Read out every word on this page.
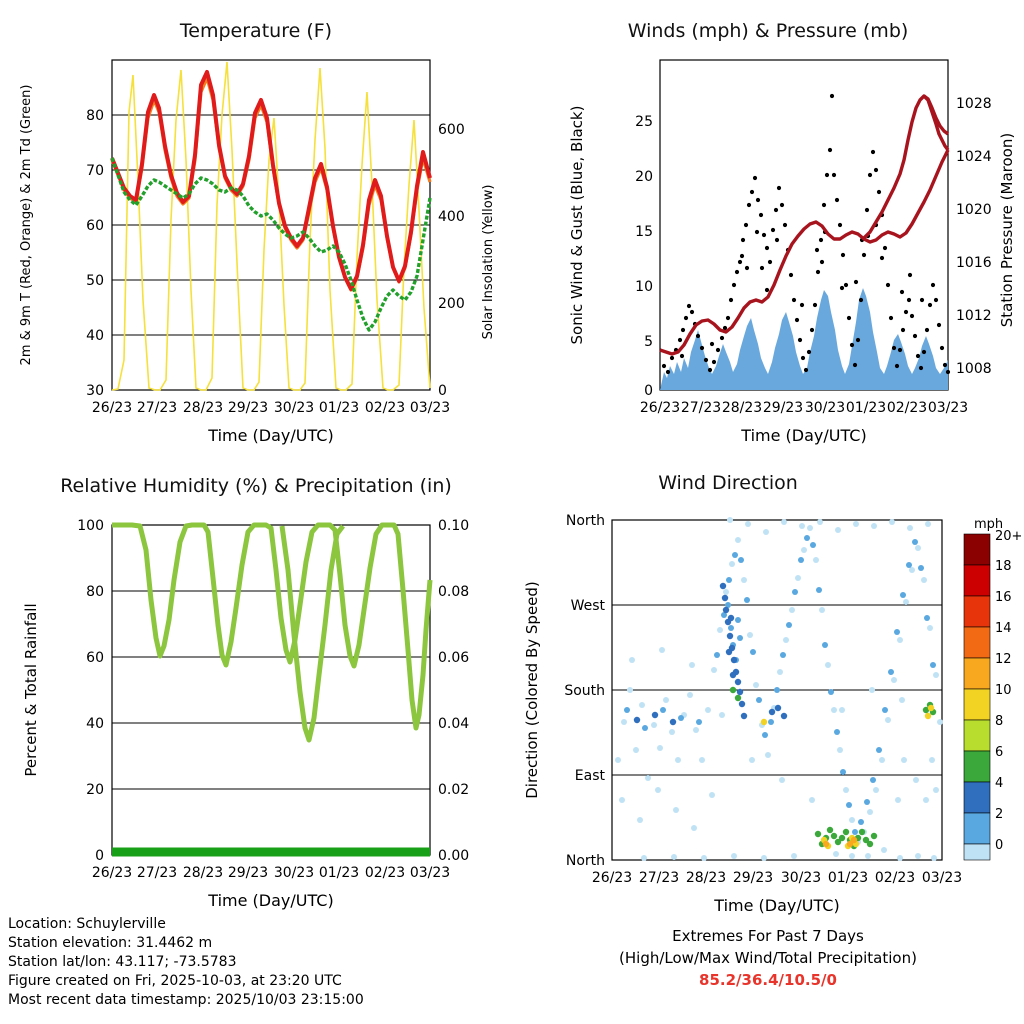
Temperature (F)
30
40
50
60
70
80
0
200
400
600
26/23 27/23 28/23 29/23 30/23 01/23 02/23 03/23
Time (Day/UTC)
2m & 9m T (Red, Orange) & 2m Td (Green)	Solar Insolation (Yellow)
Winds (mph) & Pressure (mb)
0
5
10
15
20
25
1008
1012
1016
1020
1024
1028
26/23 27/23 28/23 29/23 30/23 01/23 02/23 03/23
Time (Day/UTC)
Sonic Wind & Gust (Blue, Black)	Station Pressure (Maroon)
Relative Humidity (%) & Precipitation (in)
0
20
40
60
80
100
0.00
0.02
0.04
0.06
0.08
0.10
26/23 27/23 28/23 29/23 30/23 01/23 02/23 03/23
Time (Day/UTC)
Percent & Total Rainfall
Wind Direction
North
West
South
East
North
26/23 27/23 28/23 29/23 30/23 01/23 02/23 03/23
Time (Day/UTC)
Direction (Colored By Speed)
mph
20+
18
16
14
12
10
8
6
4
2
0
Location: Schuylerville
Station elevation: 31.4462 m
Station lat/lon: 43.117; -73.5783
Figure created on Fri, 2025-10-03, at 23:20 UTC
Most recent data timestamp: 2025/10/03 23:15:00
Extremes For Past 7 Days
(High/Low/Max Wind/Total Precipitation)
85.2/36.4/10.5/0
